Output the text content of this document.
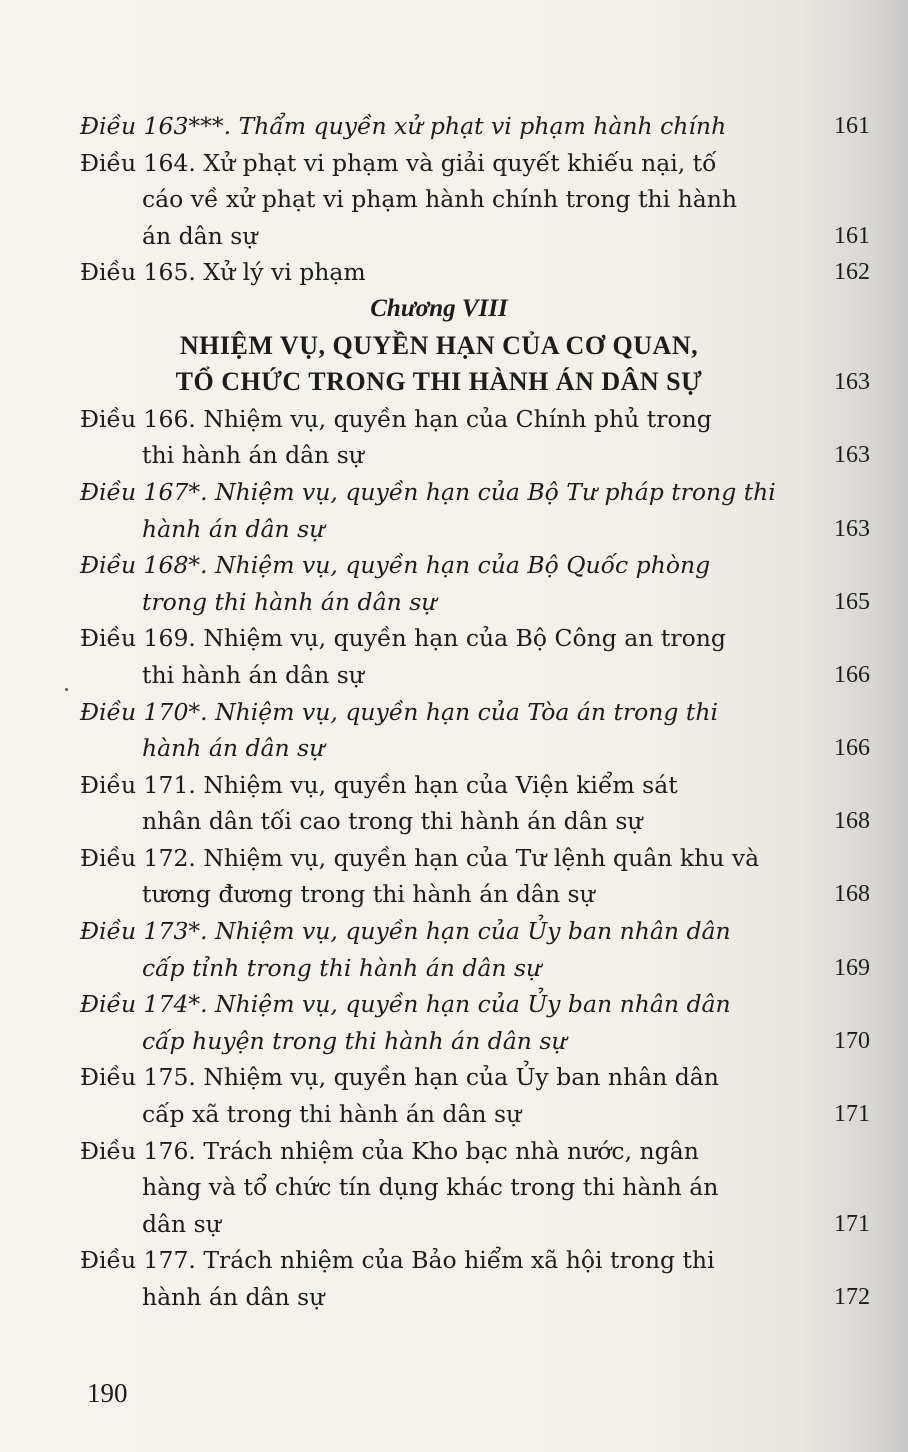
Điều 163***. Thẩm quyền xử phạt vi phạm hành chính	161
Điều 164. Xử phạt vi phạm và giải quyết khiếu nại, tố
cáo về xử phạt vi phạm hành chính trong thi hành
án dân sự	161
Điều 165. Xử lý vi phạm	162
Chương VIII
NHIỆM VỤ, QUYỀN HẠN CỦA CƠ QUAN,
TỔ CHỨC TRONG THI HÀNH ÁN DÂN SỰ	163
Điều 166. Nhiệm vụ, quyền hạn của Chính phủ trong
thi hành án dân sự	163
Điều 167*. Nhiệm vụ, quyền hạn của Bộ Tư pháp trong thi
hành án dân sự	163
Điều 168*. Nhiệm vụ, quyền hạn của Bộ Quốc phòng
trong thi hành án dân sự	165
Điều 169. Nhiệm vụ, quyền hạn của Bộ Công an trong
thi hành án dân sự	166
Điều 170*. Nhiệm vụ, quyền hạn của Tòa án trong thi
hành án dân sự	166
Điều 171. Nhiệm vụ, quyền hạn của Viện kiểm sát
nhân dân tối cao trong thi hành án dân sự	168
Điều 172. Nhiệm vụ, quyền hạn của Tư lệnh quân khu và
tương đương trong thi hành án dân sự	168
Điều 173*. Nhiệm vụ, quyền hạn của Ủy ban nhân dân
cấp tỉnh trong thi hành án dân sự	169
Điều 174*. Nhiệm vụ, quyền hạn của Ủy ban nhân dân
cấp huyện trong thi hành án dân sự	170
Điều 175. Nhiệm vụ, quyền hạn của Ủy ban nhân dân
cấp xã trong thi hành án dân sự	171
Điều 176. Trách nhiệm của Kho bạc nhà nước, ngân
hàng và tổ chức tín dụng khác trong thi hành án
dân sự	171
Điều 177. Trách nhiệm của Bảo hiểm xã hội trong thi
hành án dân sự	172
190
